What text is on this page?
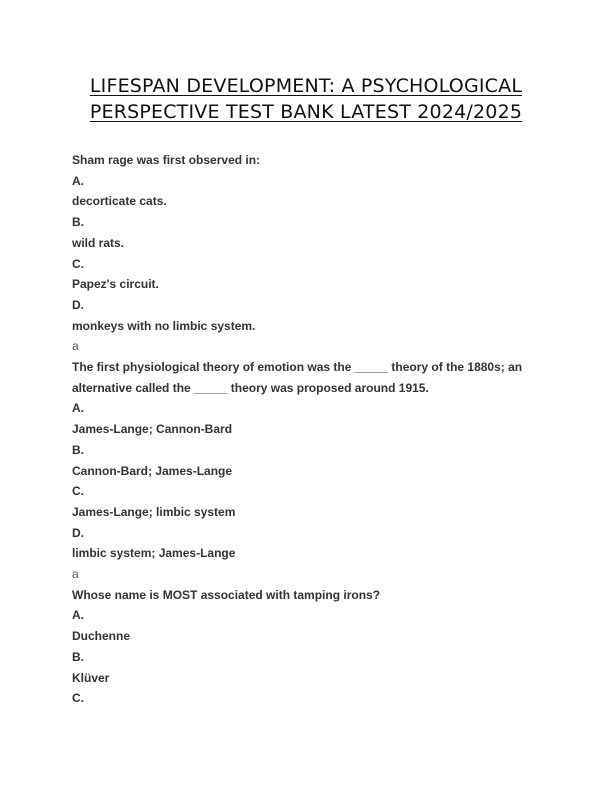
LIFESPAN DEVELOPMENT: A PSYCHOLOGICAL
PERSPECTIVE TEST BANK LATEST 2024/2025
Sham rage was first observed in:
A.
decorticate cats.
B.
wild rats.
C.
Papez's circuit.
D.
monkeys with no limbic system.
a
The first physiological theory of emotion was the _____ theory of the 1880s; an
alternative called the _____ theory was proposed around 1915.
A.
James-Lange; Cannon-Bard
B.
Cannon-Bard; James-Lange
C.
James-Lange; limbic system
D.
limbic system; James-Lange
a
Whose name is MOST associated with tamping irons?
A.
Duchenne
B.
Klüver
C.
